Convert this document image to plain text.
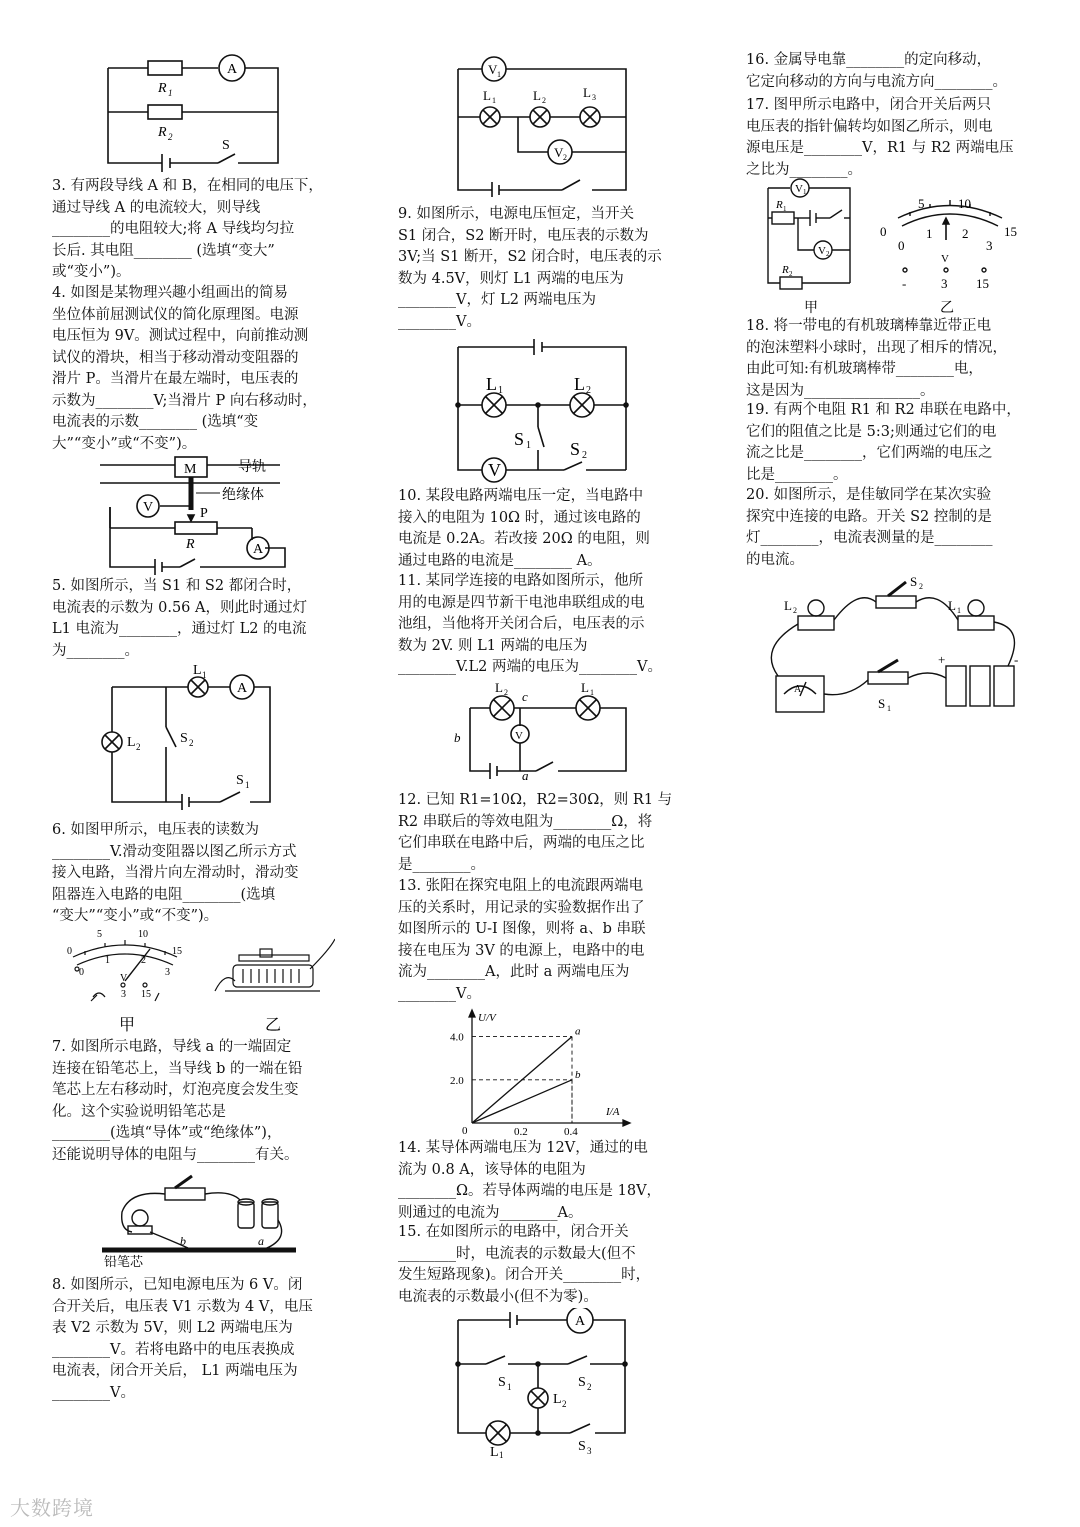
R 1
R 2
S
A
3. 有两段导线 A 和 B，在相同的电压下，
通过导线 A 的电流较大，则导线
________的电阻较大;将 A 导线均匀拉
长后. 其电阻________ (选填“变大”
或“变小”)。
4. 如图是某物理兴趣小组画出的简易
坐位体前屈测试仪的简化原理图。电源
电压恒为 9V。测试过程中，向前推动测
试仪的滑块，相当于移动滑动变阻器的
滑片 P。当滑片在最左端时，电压表的
示数为________V;当滑片 P 向右移动时，
电流表的示数________ (选填“变
大”“变小”或“不变”)。
M	导轨
绝缘体
P
R
V
A
5. 如图所示，当 S1 和 S2 都闭合时，
电流表的示数为 0.56 A，则此时通过灯
L1 电流为________，通过灯 L2 的电流
为________。
L 1
L 2
S 2
S 1
A
6. 如图甲所示，电压表的读数为
________V.滑动变阻器以图乙所示方式
接入电路，当滑片向左滑动时，滑动变
阻器连入电路的电阻________(选填
“变大”“变小”或“不变”)。
0
5	10
15
0
1	2
3
V
3 15
甲	乙
7. 如图所示电路，导线 a 的一端固定
连接在铅笔芯上，当导线 b 的一端在铅
笔芯上左右移动时，灯泡亮度会发生变
化。这个实验说明铅笔芯是
________(选填“导体”或“绝缘体”)，
还能说明导体的电阻与________有关。
铅笔芯
b	a
8. 如图所示，已知电源电压为 6 V。闭
合开关后，电压表 V1 示数为 4 V，电压
表 V2 示数为 5V，则 L2 两端电压为
________V。若将电路中的电压表换成
电流表，闭合开关后， L1 两端电压为
________V。
V 1
V 2
L 1	L 2
L 3
9. 如图所示，电源电压恒定，当开关
S1 闭合，S2 断开时，电压表的示数为
3V;当 S1 断开，S2 闭合时，电压表的示
数为 4.5V，则灯 L1 两端的电压为
________V，灯 L2 两端电压为
________V。
L 1	L 2
S 1 S 2
V
10. 某段电路两端电压一定，当电路中
接入的电阻为 10Ω 时，通过该电路的
电流是 0.2A。若改接 20Ω 的电阻，则
通过电路的电流是________ A。
11. 某同学连接的电路如图所示，他所
用的电源是四节新干电池串联组成的电
池组，当他将开关闭合后，电压表的示
数为 2V. 则 L1 两端的电压为
________V.L2 两端的电压为________V。
L 2	L 1
c
b
a
V
12. 已知 R1=10Ω，R2=30Ω，则 R1 与
R2 串联后的等效电阻为________Ω，将
它们串联在电路中后，两端的电压之比
是________。
13. 张阳在探究电阻上的电流跟两端电
压的关系时，用记录的实验数据作出了
如图所示的 U-I 图像，则将 a、b 串联
接在电压为 3V 的电源上，电路中的电
流为________A，此时 a 两端电压为
________V。
a
b
0.2	0.4
2.0
4.0
U/V
I/A
0
14. 某导体两端电压为 12V，通过的电
流为 0.8 A，该导体的电阻为
________Ω。若导体两端的电压是 18V，
则通过的电流为________A。
15. 在如图所示的电路中，闭合开关
________时，电流表的示数最大(但不
发生短路现象)。闭合开关________时，
电流表的示数最小(但不为零)。
A
S 1	S 2
L 2
L 1
S 3
16. 金属导电靠________的定向移动，
它定向移动的方向与电流方向________。
17. 图甲所示电路中，闭合开关后两只
电压表的指针偏转均如图乙所示，则电
源电压是________V，R1 与 R2 两端电压
之比为________。
V 1
V 2
R 1
R 2
0
5	10
15
0
1 2
3
V
-	3 15
甲	乙
18. 将一带电的有机玻璃棒靠近带正电
的泡沫塑料小球时，出现了相斥的情况，
由此可知:有机玻璃棒带________电，
这是因为________________。
19. 有两个电阻 R1 和 R2 串联在电路中，
它们的阻值之比是 5:3;则通过它们的电
流之比是________，它们两端的电压之
比是________。
20. 如图所示，是佳敏同学在某次实验
探究中连接的电路。开关 S2 控制的是
灯________，电流表测量的是________
的电流。
L 2	L 1
S 2
S 1
A
+	-
大数跨境
